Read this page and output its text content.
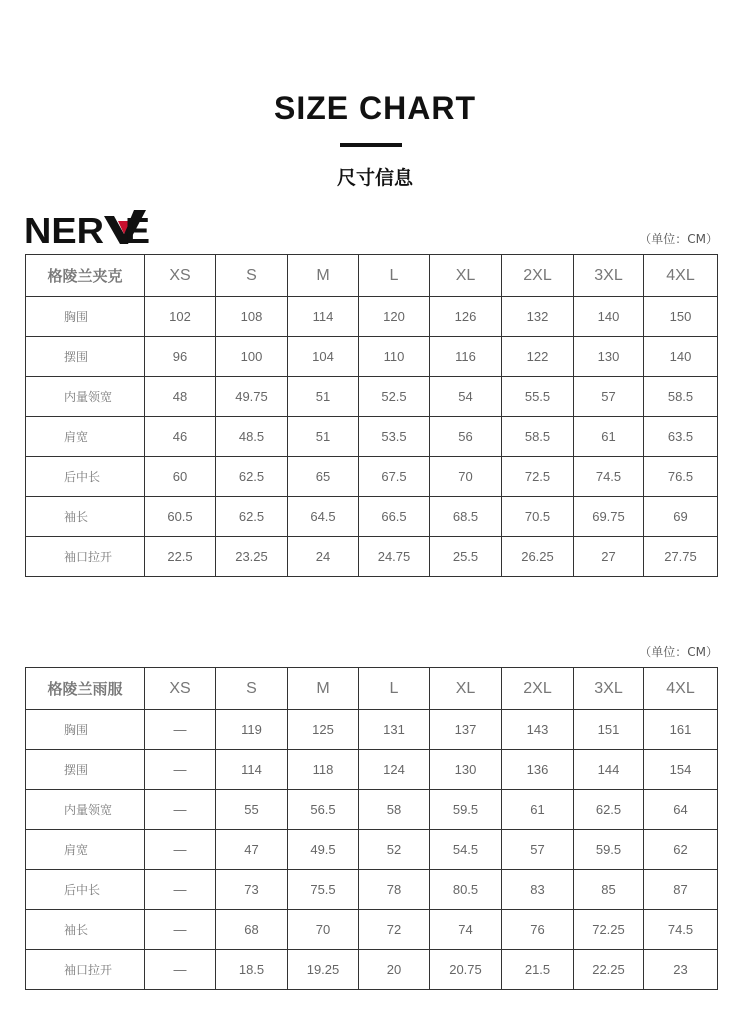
SIZE CHART
尺寸信息
NER E	（单位：CM）
格陵兰夹克	XS	S	M	L	XL	2XL	3XL	4XL
胸围	102	108	114	120	126	132	140	150
摆围	96	100	104	110	116	122	130	140
内量领宽	48	49.75	51	52.5	54	55.5	57	58.5
肩宽	46	48.5	51	53.5	56	58.5	61	63.5
后中长	60	62.5	65	67.5	70	72.5	74.5	76.5
袖长	60.5	62.5	64.5	66.5	68.5	70.5	69.75	69
袖口拉开	22.5	23.25	24	24.75	25.5	26.25	27	27.75
（单位：CM）
格陵兰雨服	XS	S	M	L	XL	2XL	3XL	4XL
胸围	—	119	125	131	137	143	151	161
摆围	—	114	118	124	130	136	144	154
内量领宽	—	55	56.5	58	59.5	61	62.5	64
肩宽	—	47	49.5	52	54.5	57	59.5	62
后中长	—	73	75.5	78	80.5	83	85	87
袖长	—	68	70	72	74	76	72.25	74.5
袖口拉开	—	18.5	19.25	20	20.75	21.5	22.25	23
